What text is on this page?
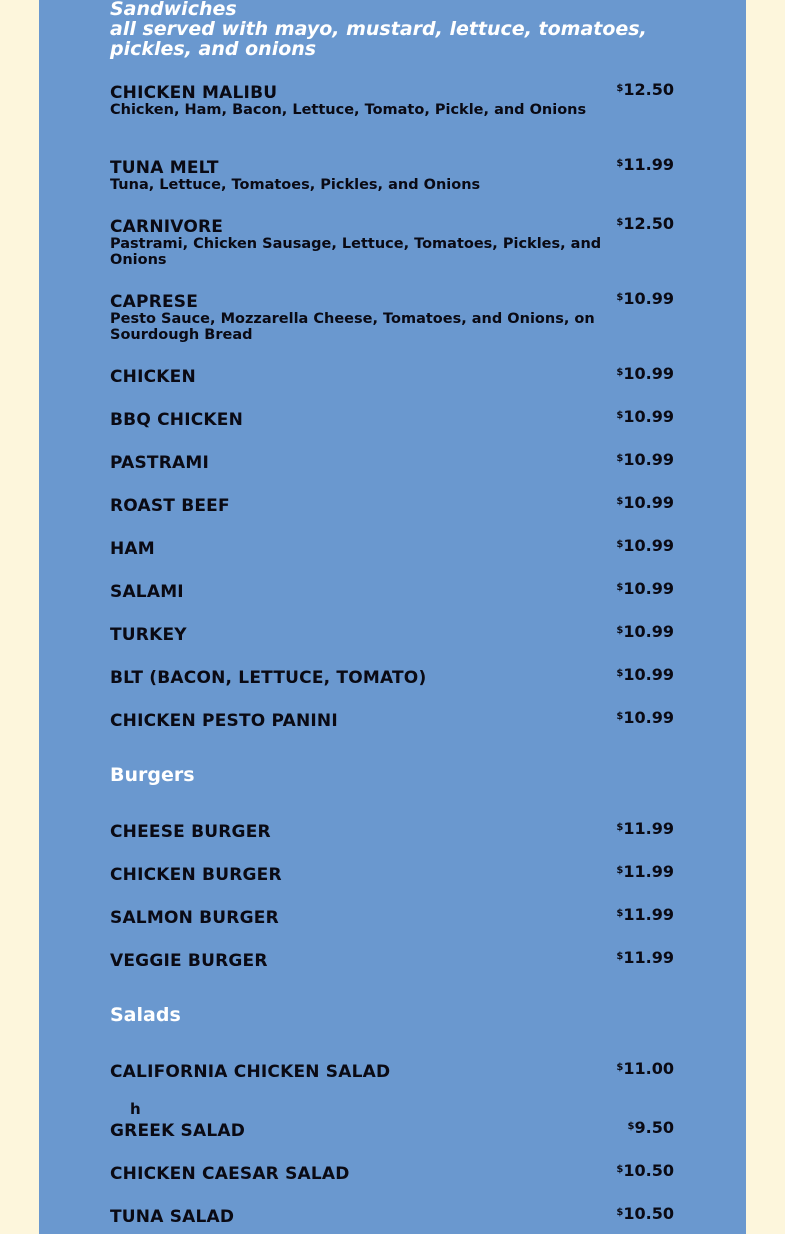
Sandwiches
all served with mayo, mustard, lettuce, tomatoes, pickles, and onions
Burgers
Salads
h
CHICKEN MALIBU
Chicken, Ham, Bacon, Lettuce, Tomato, Pickle, and Onions
$12.50
TUNA MELT
Tuna, Lettuce, Tomatoes, Pickles, and Onions
$11.99
CARNIVORE
Pastrami, Chicken Sausage, Lettuce, Tomatoes, Pickles, and Onions
$12.50
CAPRESE
Pesto Sauce, Mozzarella Cheese, Tomatoes, and Onions, on Sourdough Bread
$10.99
CHICKEN	$10.99
BBQ CHICKEN	$10.99
PASTRAMI	$10.99
ROAST BEEF	$10.99
HAM	$10.99
SALAMI	$10.99
TURKEY	$10.99
BLT (BACON, LETTUCE, TOMATO)	$10.99
CHICKEN PESTO PANINI	$10.99
CHEESE BURGER	$11.99
CHICKEN BURGER	$11.99
SALMON BURGER	$11.99
VEGGIE BURGER	$11.99
CALIFORNIA CHICKEN SALAD	$11.00
GREEK SALAD	$9.50
CHICKEN CAESAR SALAD	$10.50
TUNA SALAD	$10.50
